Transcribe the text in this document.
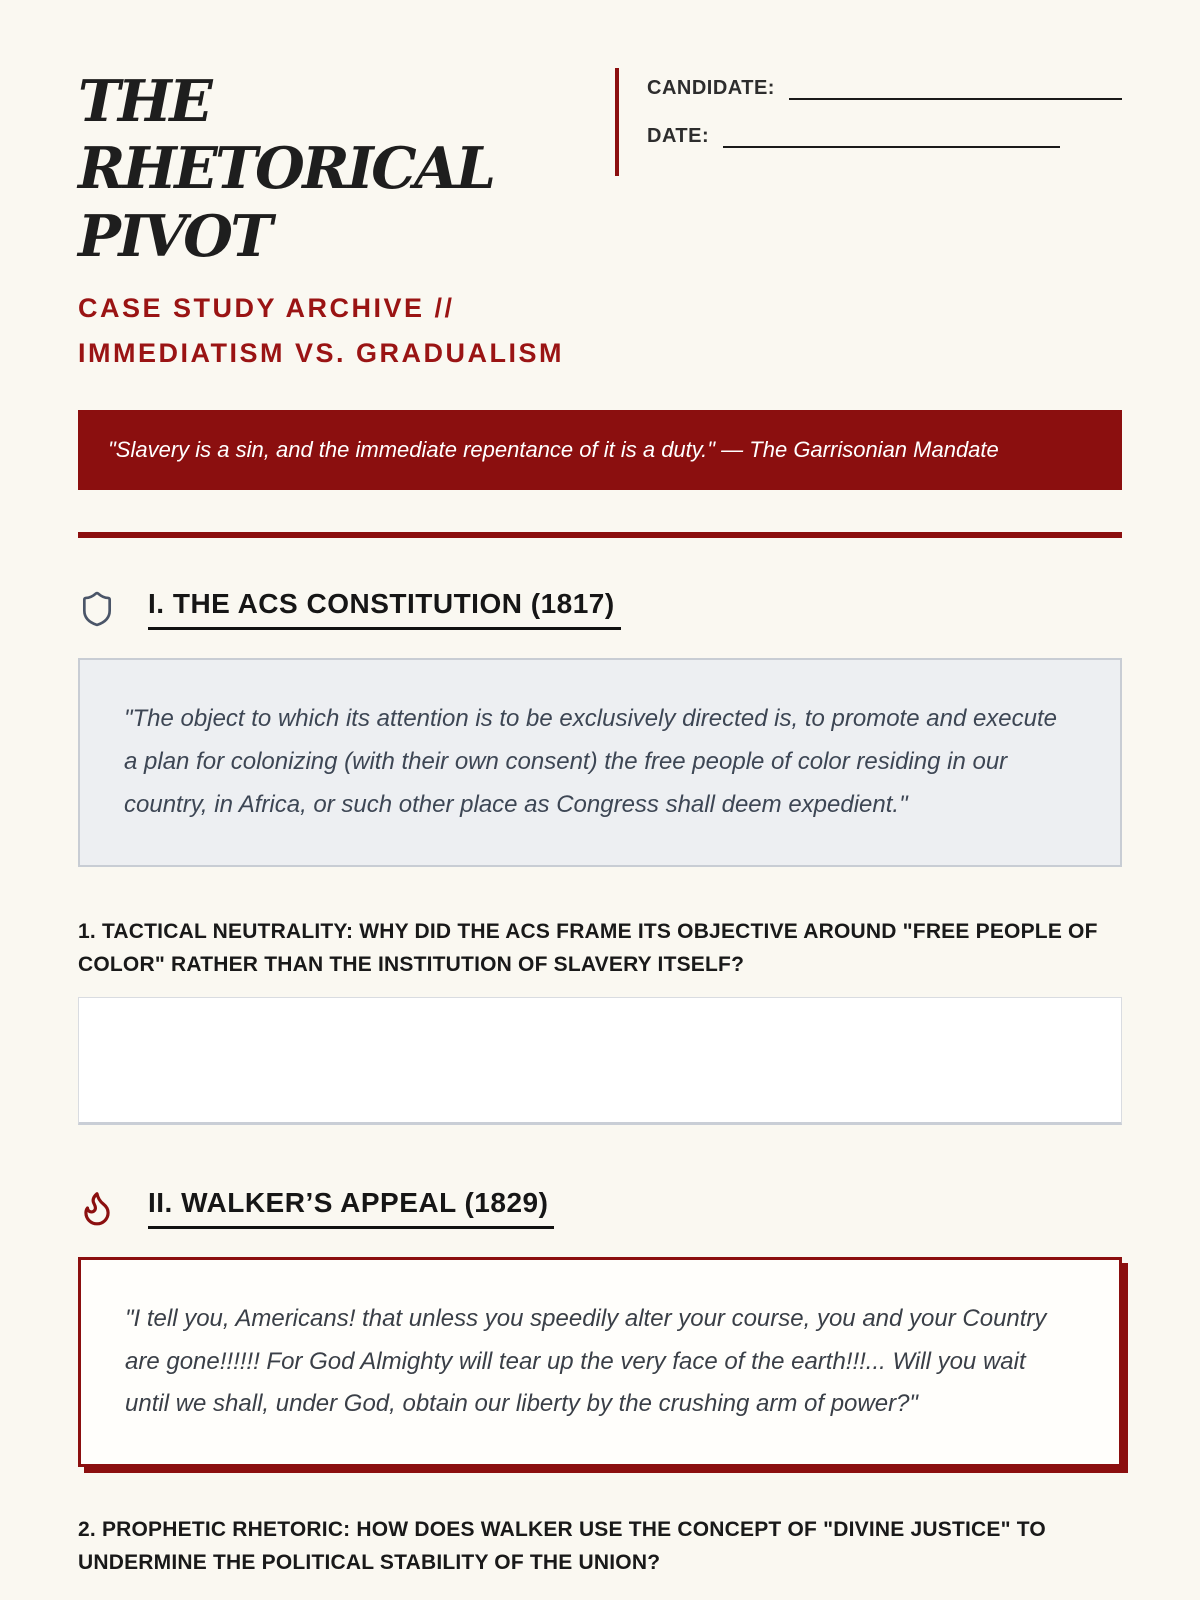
THE RHETORICAL PIVOT
CANDIDATE:
DATE:
CASE STUDY ARCHIVE //
IMMEDIATISM VS. GRADUALISM
"Slavery is a sin, and the immediate repentance of it is a duty." — The Garrisonian Mandate
I. THE ACS CONSTITUTION (1817)
"The object to which its attention is to be exclusively directed is, to promote and execute a plan for colonizing (with their own consent) the free people of color residing in our country, in Africa, or such other place as Congress shall deem expedient."

1. TACTICAL NEUTRALITY: WHY DID THE ACS FRAME ITS OBJECTIVE AROUND "FREE PEOPLE OF COLOR" RATHER THAN THE INSTITUTION OF SLAVERY ITSELF?

II. WALKER’S APPEAL (1829)
"I tell you, Americans! that unless you speedily alter your course, you and your Country are gone!!!!!! For God Almighty will tear up the very face of the earth!!!... Will you wait until we shall, under God, obtain our liberty by the crushing arm of power?"

2. PROPHETIC RHETORIC: HOW DOES WALKER USE THE CONCEPT OF "DIVINE JUSTICE" TO UNDERMINE THE POLITICAL STABILITY OF THE UNION?
